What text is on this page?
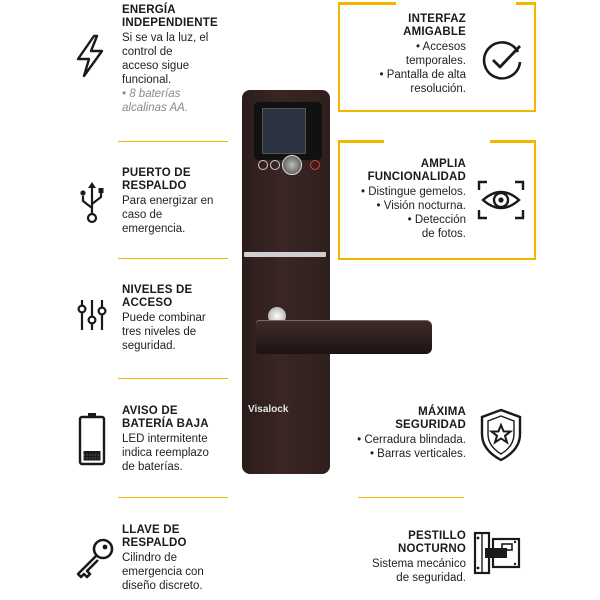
ENERGÍA
INDEPENDIENTE
Si se va la luz, el
control de
acceso sigue
funcional.
• 8 baterías
alcalinas AA.
PUERTO DE
RESPALDO
Para energizar en
caso de
emergencia.
NIVELES DE
ACCESO
Puede combinar
tres niveles de
seguridad.
AVISO DE
BATERÍA BAJA
LED intermitente
indica reemplazo
de baterías.
LLAVE DE
RESPALDO
Cilindro de
emergencia con
diseño discreto.
Visalock
INTERFAZ
AMIGABLE
• Accesos
temporales.
• Pantalla de alta
resolución.
AMPLIA
FUNCIONALIDAD
• Distingue gemelos.
• Visión nocturna.
• Detección
de fotos.
MÁXIMA
SEGURIDAD
• Cerradura blindada.
• Barras verticales.
PESTILLO
NOCTURNO
Sistema mecánico
de seguridad.
